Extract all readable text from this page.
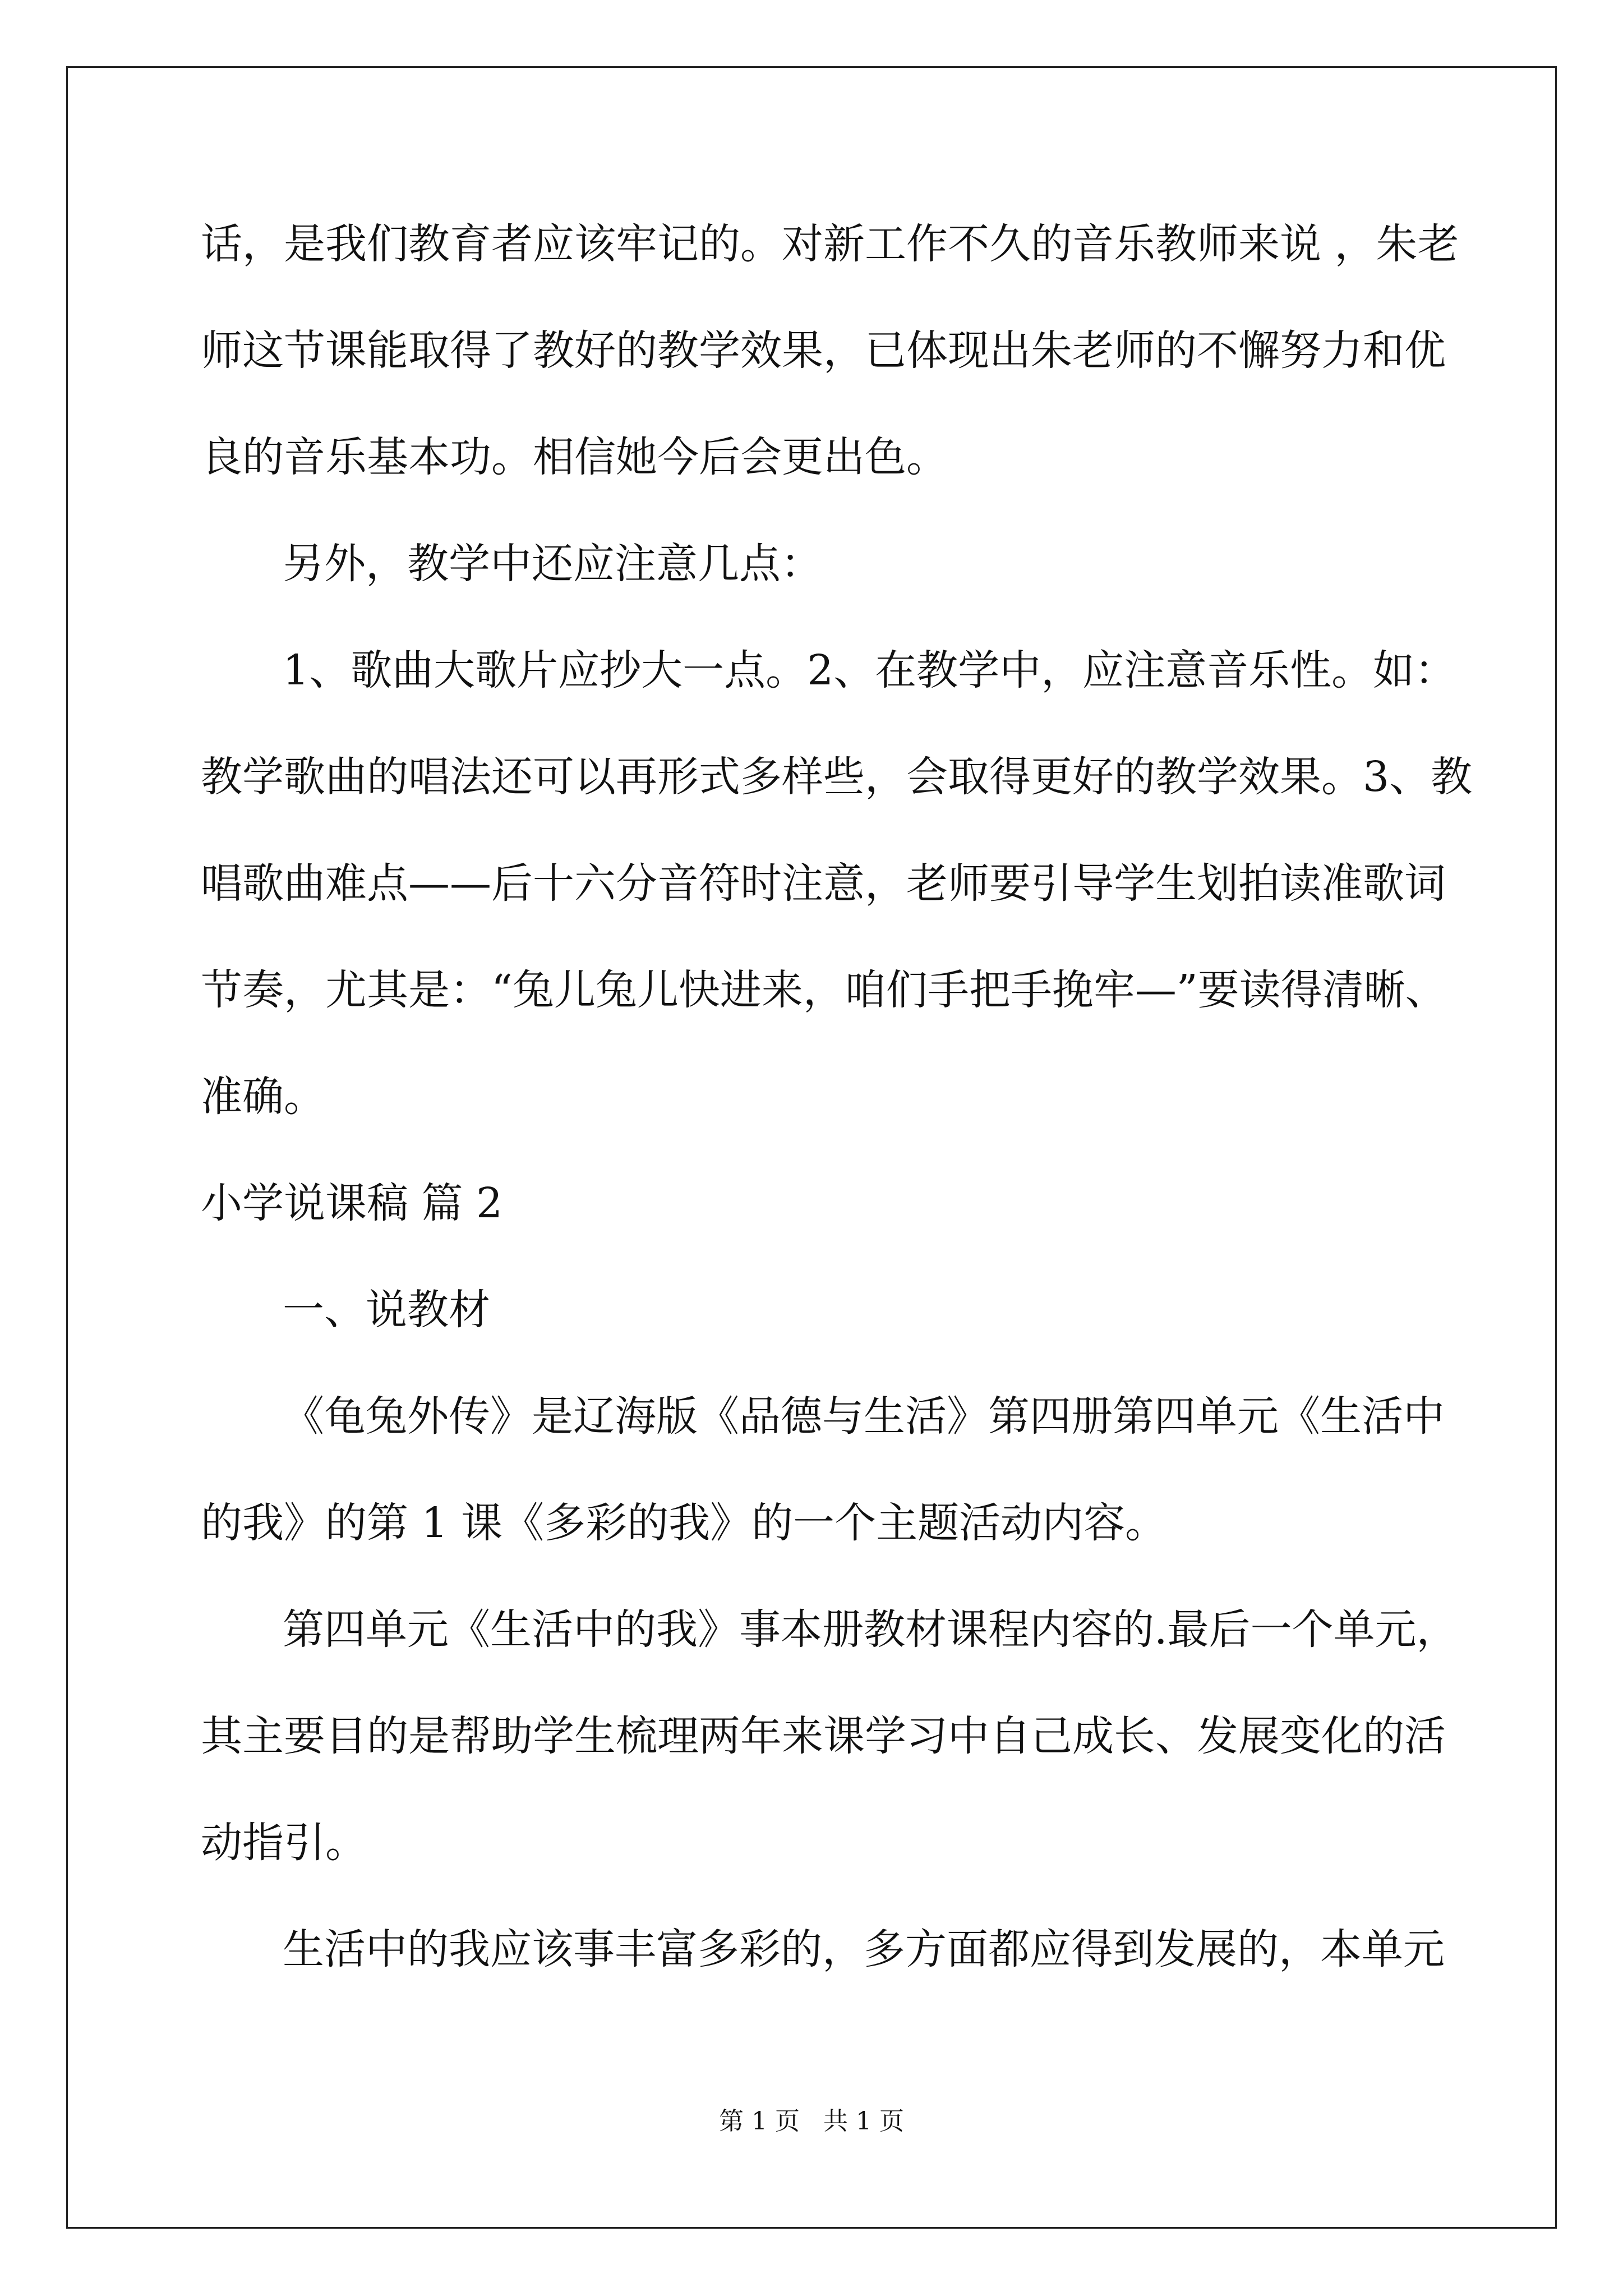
话，是我们教育者应该牢记的。对新工作不久的音乐教师来说 ，朱老
师这节课能取得了教好的教学效果，已体现出朱老师的不懈努力和优
良的音乐基本功。相信她今后会更出色。
另外，教学中还应注意几点：
1、歌曲大歌片应抄大一点。2、在教学中，应注意音乐性。如：
教学歌曲的唱法还可以再形式多样些，会取得更好的教学效果。3、教
唱歌曲难点——后十六分音符时注意，老师要引导学生划拍读准歌词
节奏，尤其是：“兔儿兔儿快进来，咱们手把手挽牢—”要读得清晰、
准确。
小学说课稿 篇 2
一、说教材
《龟兔外传》是辽海版《品德与生活》第四册第四单元《生活中
的我》的第 1 课《多彩的我》的一个主题活动内容。
第四单元《生活中的我》事本册教材课程内容的.最后一个单元，
其主要目的是帮助学生梳理两年来课学习中自己成长、发展变化的活
动指引。
生活中的我应该事丰富多彩的，多方面都应得到发展的，本单元
第 1 页   共 1 页
